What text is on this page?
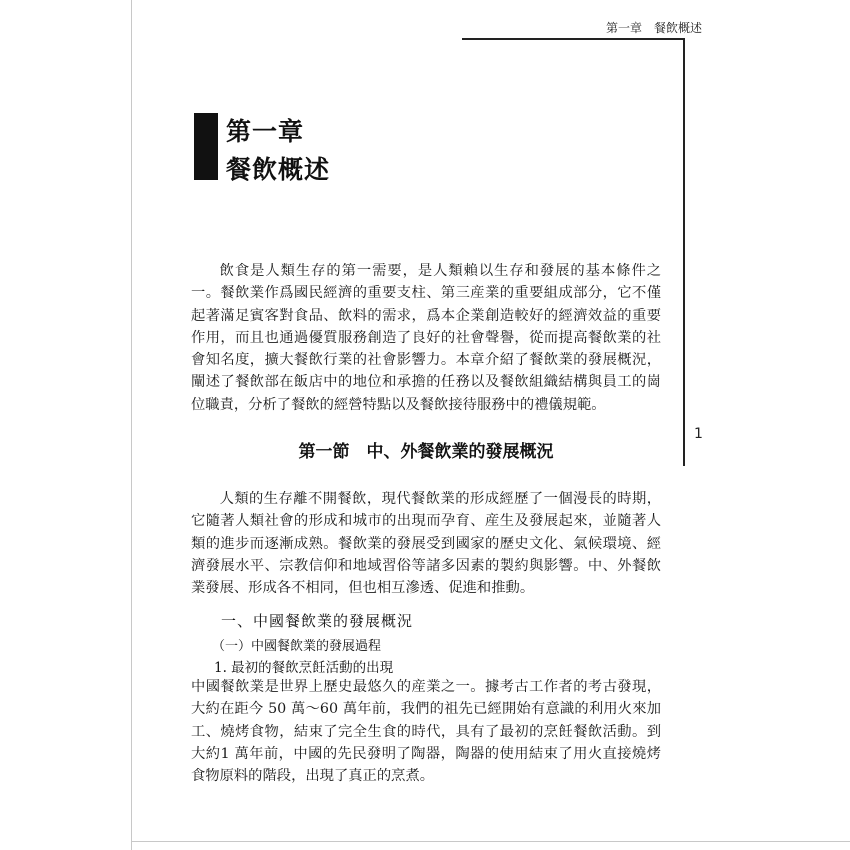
第一章　餐飲概述
1
第一章
餐飲概述

飲食是人類生存的第一需要，是人類賴以生存和發展的基本條件之一。餐飲業作爲國民經濟的重要支柱、第三産業的重要組成部分，它不僅起著滿足賓客對食品、飲料的需求，爲本企業創造較好的經濟效益的重要作用，而且也通過優質服務創造了良好的社會聲譽，從而提高餐飲業的社會知名度，擴大餐飲行業的社會影響力。本章介紹了餐飲業的發展概況，闡述了餐飲部在飯店中的地位和承擔的任務以及餐飲組織結構與員工的崗位職責，分析了餐飲的經營特點以及餐飲接待服務中的禮儀規範。

第一節　中、外餐飲業的發展概況

人類的生存離不開餐飲，現代餐飲業的形成經歷了一個漫長的時期，它隨著人類社會的形成和城市的出現而孕育、産生及發展起來，並隨著人類的進步而逐漸成熟。餐飲業的發展受到國家的歷史文化、氣候環境、經濟發展水平、宗教信仰和地域習俗等諸多因素的製約與影響。中、外餐飲業發展、形成各不相同，但也相互滲透、促進和推動。

一、中國餐飲業的發展概況
（一）中國餐飲業的發展過程
1. 最初的餐飲烹飪活動的出現

中國餐飲業是世界上歷史最悠久的産業之一。據考古工作者的考古發現，大約在距今 50 萬～60 萬年前，我們的祖先已經開始有意識的利用火來加工、燒烤食物，結束了完全生食的時代，具有了最初的烹飪餐飲活動。到大約1 萬年前，中國的先民發明了陶器，陶器的使用結束了用火直接燒烤食物原料的階段，出現了真正的烹煮。
